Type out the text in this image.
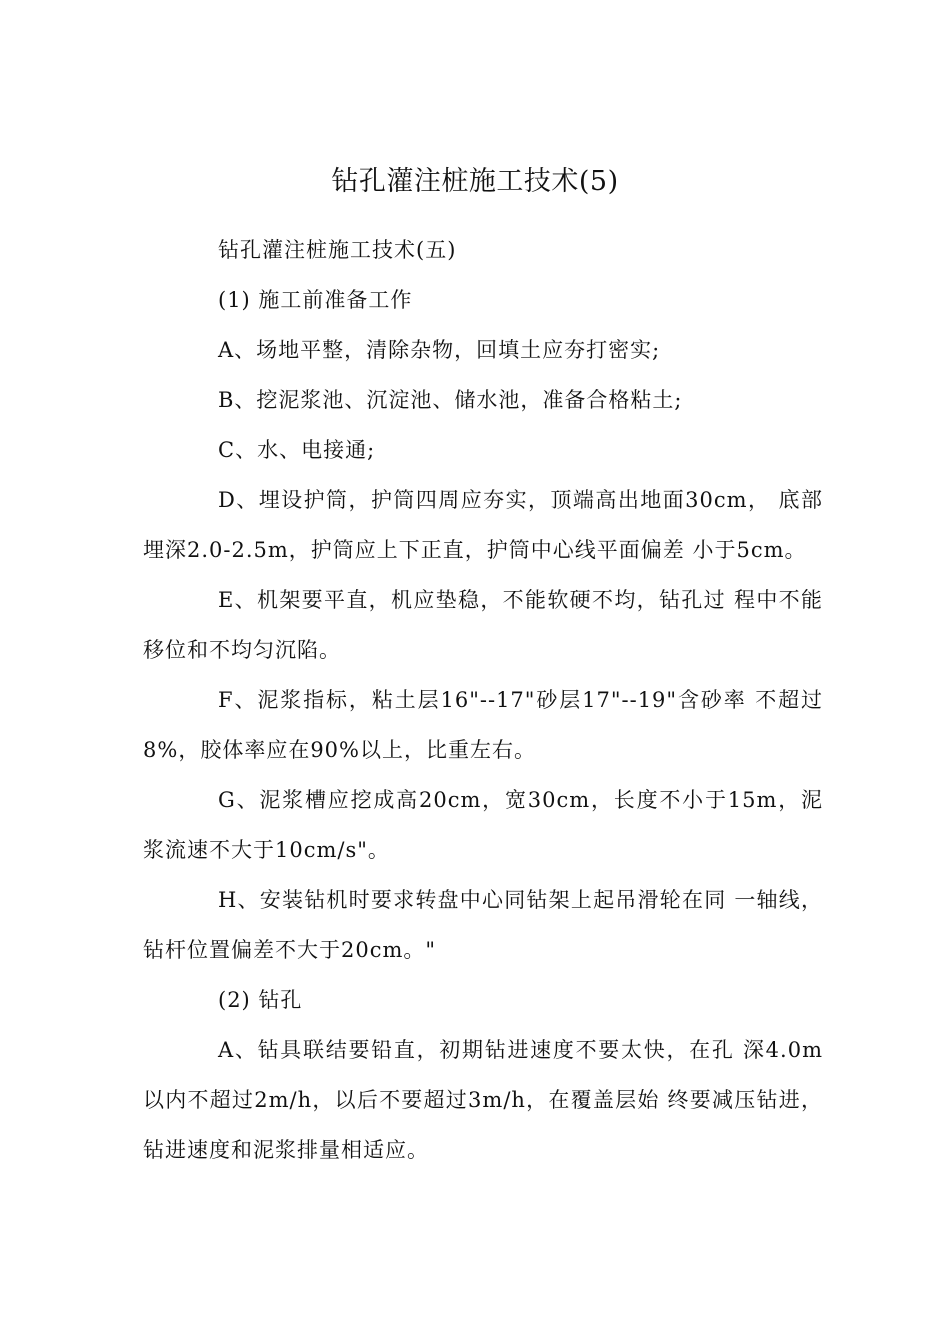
钻孔灌注桩施工技术(5)

钻孔灌注桩施工技术(五)

(1) 施工前准备工作

A、场地平整，清除杂物，回填土应夯打密实;

B、挖泥浆池、沉淀池、储水池，准备合格粘土;

C、水、电接通;

D、埋设护筒，护筒四周应夯实，顶端高出地面30cm， 底部埋深2.0-2.5m，护筒应上下正直，护筒中心线平面偏差 小于5cm。

E、机架要平直，机应垫稳，不能软硬不均，钻孔过 程中不能移位和不均匀沉陷。

F、泥浆指标，粘土层16"--17"砂层17"--19"含砂率 不超过8%，胶体率应在90%以上，比重左右。

G、泥浆槽应挖成高20cm，宽30cm，长度不小于15m，泥浆流速不大于10cm/s"。

H、安装钻机时要求转盘中心同钻架上起吊滑轮在同 一轴线，钻杆位置偏差不大于20cm。"

(2) 钻孔

A、钻具联结要铅直，初期钻进速度不要太快，在孔 深4.0m以内不超过2m/h，以后不要超过3m/h，在覆盖层始 终要减压钻进，钻进速度和泥浆排量相适应。
